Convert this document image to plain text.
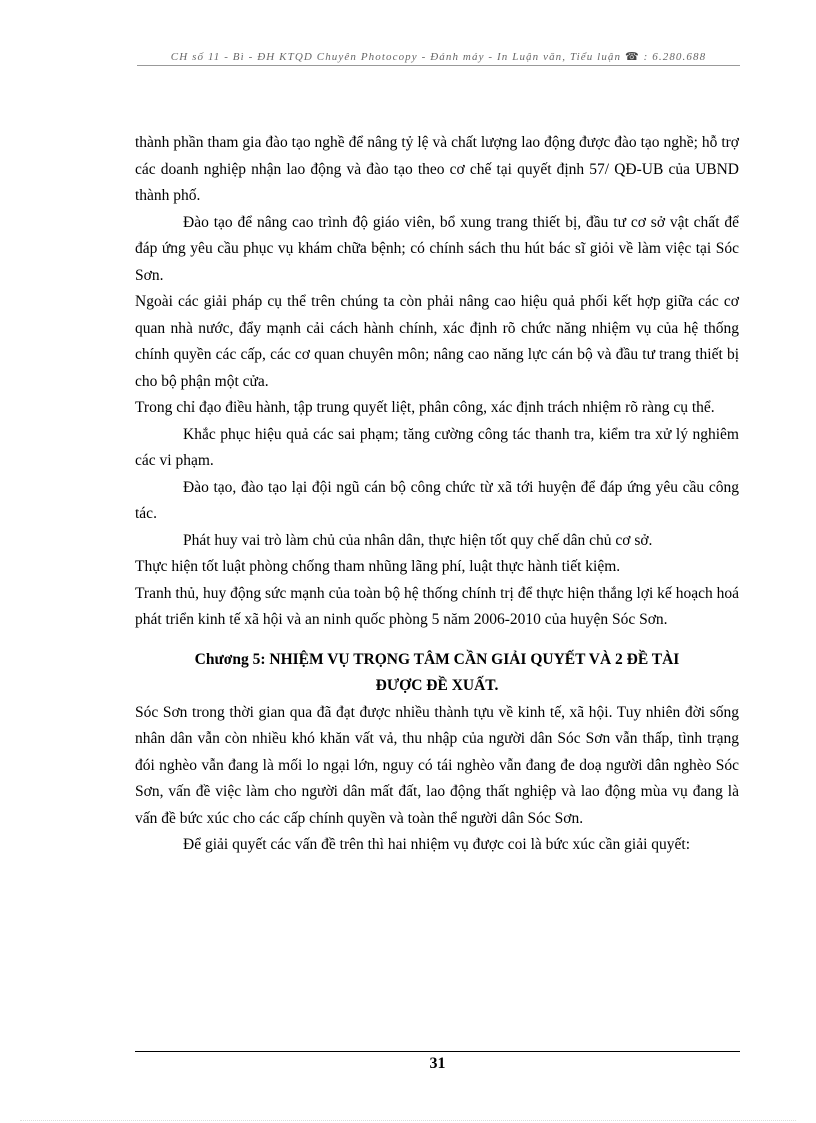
CH số 11 - Bì - ĐH KTQD Chuyên Photocopy - Đánh máy - In Luận văn, Tiểu luận ☎ : 6.280.688

thành phần tham gia đào tạo nghề để nâng tỷ lệ và chất lượng lao động được đào tạo nghề; hỗ trợ các doanh nghiệp nhận lao động và đào tạo theo cơ chế tại quyết định 57/ QĐ-UB của UBND thành phố.

Đào tạo để nâng cao trình độ giáo viên, bổ xung trang thiết bị, đầu tư cơ sở vật chất để đáp ứng yêu cầu phục vụ khám chữa bệnh; có chính sách thu hút bác sĩ giỏi về làm việc tại Sóc Sơn.

Ngoài các giải pháp cụ thể trên chúng ta còn phải nâng cao hiệu quả phối kết hợp giữa các cơ quan nhà nước, đẩy mạnh cải cách hành chính, xác định rõ chức năng nhiệm vụ của hệ thống chính quyền các cấp, các cơ quan chuyên môn; nâng cao năng lực cán bộ và đầu tư trang thiết bị cho bộ phận một cửa.

Trong chỉ đạo điều hành, tập trung quyết liệt, phân công, xác định trách nhiệm rõ ràng cụ thể.

Khắc phục hiệu quả các sai phạm; tăng cường công tác thanh tra, kiểm tra xử lý nghiêm các vi phạm.

Đào tạo, đào tạo lại đội ngũ cán bộ công chức từ xã tới huyện để đáp ứng yêu cầu công tác.

Phát huy vai trò làm chủ của nhân dân, thực hiện tốt quy chế dân chủ cơ sở.

Thực hiện tốt luật phòng chống tham nhũng lãng phí, luật thực hành tiết kiệm.

Tranh thủ, huy động sức mạnh của toàn bộ hệ thống chính trị để thực hiện thắng lợi kế hoạch hoá phát triển kinh tế xã hội và an ninh quốc phòng 5 năm 2006-2010 của huyện Sóc Sơn.

Chương 5: NHIỆM VỤ TRỌNG TÂM CẦN GIẢI QUYẾT VÀ 2 ĐỀ TÀI
ĐƯỢC ĐỀ XUẤT.

Sóc Sơn trong thời gian qua đã đạt được nhiều thành tựu về kinh tế, xã hội. Tuy nhiên đời sống nhân dân vẫn còn nhiều khó khăn vất vả, thu nhập của người dân Sóc Sơn vẫn thấp, tình trạng đói nghèo vẫn đang là mối lo ngại lớn, nguy có tái nghèo vẫn đang đe doạ người dân nghèo Sóc Sơn, vấn đề việc làm cho người dân mất đất, lao động thất nghiệp và lao động mùa vụ đang là vấn đề bức xúc cho các cấp chính quyền và toàn thể người dân Sóc Sơn.

Để giải quyết các vấn đề trên thì hai nhiệm vụ được coi là bức xúc cần giải quyết:

31
